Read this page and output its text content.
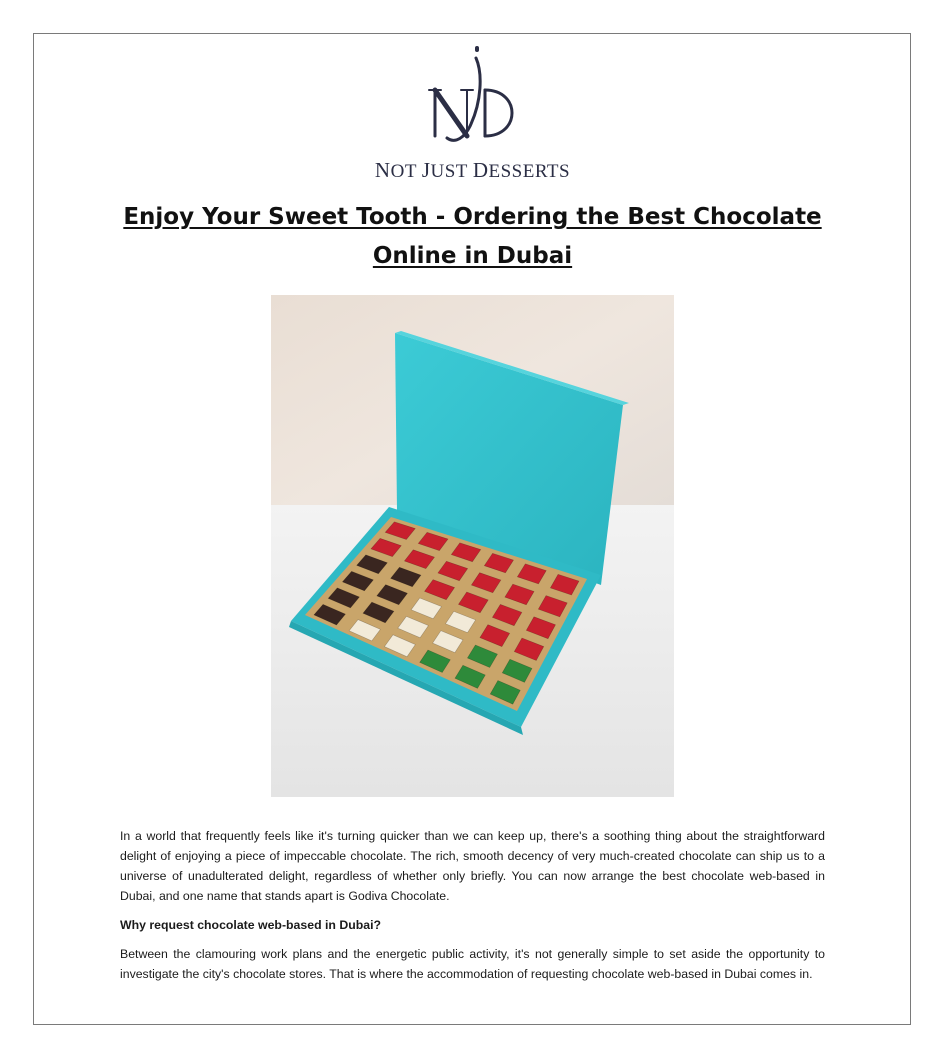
NOT JUST DESSERTS
Enjoy Your Sweet Tooth - Ordering the Best Chocolate Online in Dubai

In a world that frequently feels like it's turning quicker than we can keep up, there's a soothing thing about the straightforward delight of enjoying a piece of impeccable chocolate. The rich, smooth decency of very much-created chocolate can ship us to a universe of unadulterated delight, regardless of whether only briefly. You can now arrange the best chocolate web-based in Dubai, and one name that stands apart is Godiva Chocolate.

Why request chocolate web-based in Dubai?

Between the clamouring work plans and the energetic public activity, it's not generally simple to set aside the opportunity to investigate the city's chocolate stores. That is where the accommodation of requesting chocolate web-based in Dubai comes in.
